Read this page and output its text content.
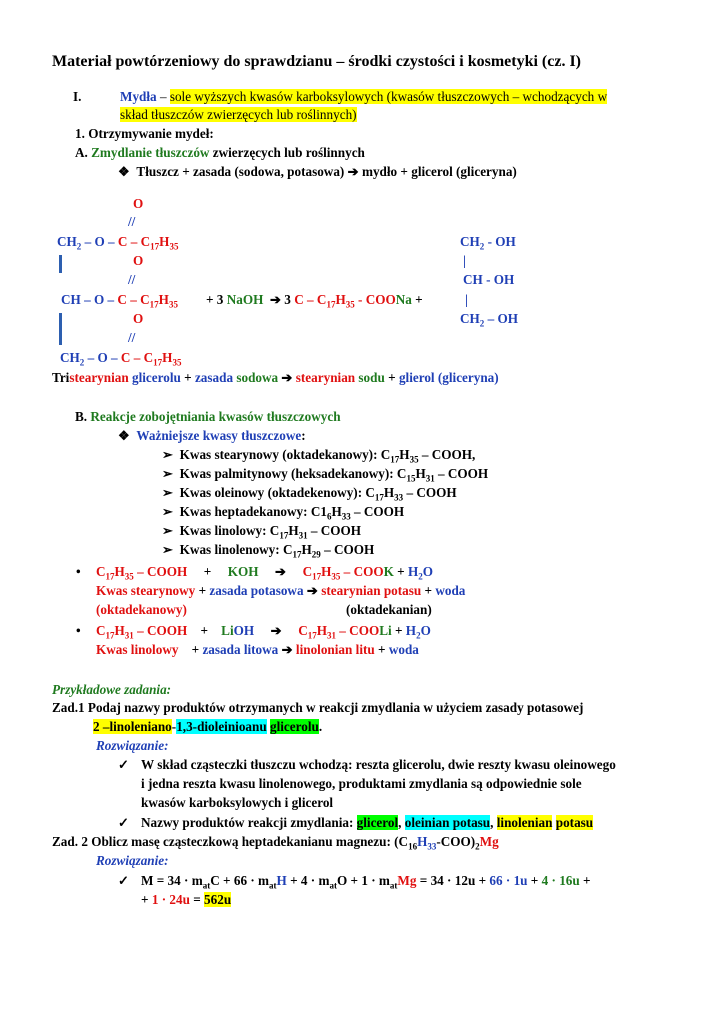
Materiał powtórzeniowy do sprawdzianu – środki czystości i kosmetyki (cz. I)
I.	Mydła – sole wyższych kwasów karboksylowych (kwasów tłuszczowych – wchodzących w
skład tłuszczów zwierzęcych lub roślinnych)
1. Otrzymywanie mydeł:
A. Zmydlanie tłuszczów zwierzęcych lub roślinnych
❖ Tłuszcz + zasada (sodowa, potasowa) ➔ mydło + glicerol (gliceryna)
O
//
$CH_2$ – O – C – $C_{17}H_{35}$	$CH_2$ - OH
O	|
//	CH - OH
CH – $O - C - C_{17}H_{35} + 3$ NaOH ➔ 3 C – $C_{17}H_{35}$ - COONa +	|
O	$CH_2$ – OH
//
$CH_2$ – O – C – $C_{17}H_{35}$
Tristearynian glicerolu + zasada sodowa ➔ stearynian sodu + glierol (gliceryna)
B. Reakcje zobojętniania kwasów tłuszczowych
❖ Ważniejsze kwasy tłuszczowe:
➢ Kwas stearynowy (oktadekanowy): $C_{17}H_{35}$ – COOH,
➢ Kwas palmitynowy (heksadekanowy): $C_{15}H_{31}$ – COOH
➢ Kwas oleinowy (oktadekenowy): $C_{17}H_{33}$ – COOH
➢ Kwas heptadekanowy: $C1_6H_{33}$ – COOH
➢ Kwas linolowy: $C_{17}H_{31}$ – COOH
➢ Kwas linolenowy: $C_{17}H_{29}$ – COOH
• $C_{17}H_{35}$ – COOH     +     KOH     ➔     $C_{17}H_{35}$ – COOK + $H_2O$
Kwas stearynowy + zasada potasowa ➔ stearynian potasu + woda
(oktadekanowy)	(oktadekanian)
• $C_{17}H_{31}$ – COOH    +    LiOH     ➔     $C_{17}H_{31}$ – COOLi + $H_2O$
Kwas linolowy    + zasada litowa ➔ linolonian litu + woda
Przykładowe zadania:
Zad.1 Podaj nazwy produktów otrzymanych w reakcji zmydlania w użyciem zasady potasowej
2 –linoleniano-1,3-dioleinioanu glicerolu.
Rozwiązanie:
✓ W skład cząsteczki tłuszczu wchodzą: reszta glicerolu, dwie reszty kwasu oleinowego
i jedna reszta kwasu linolenowego, produktami zmydlania są odpowiednie sole
kwasów karboksylowych i glicerol
✓ Nazwy produktów reakcji zmydlania: glicerol, oleinian potasu, linolenian potasu
Zad. 2 Oblicz masę cząsteczkową heptadekanianu magnezu: $(C_{16}H_{33}-COO)_2Mg$
Rozwiązanie:
✓ $M = 34 \cdot m_{at}C + 66 \cdot m_{at}H + 4 \cdot m_{at}O + 1 \cdot m_{at}Mg = 34 \cdot 12u + 66 \cdot 1u + 4 \cdot 16u$ +
+ 1 · 24u = 562u
